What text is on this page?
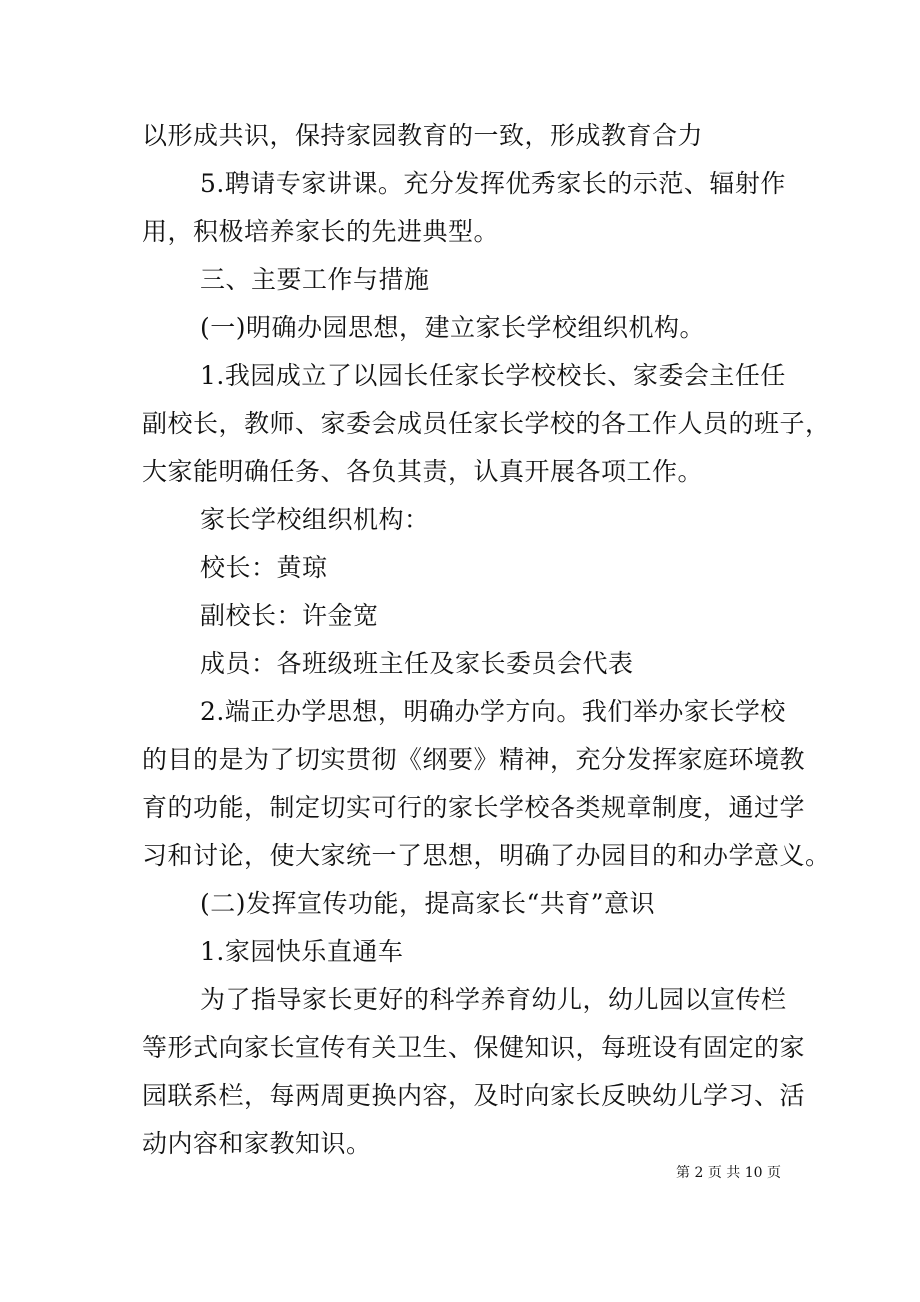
以形成共识，保持家园教育的一致，形成教育合力
5.聘请专家讲课。充分发挥优秀家长的示范、辐射作
用，积极培养家长的先进典型。
三、主要工作与措施
(一)明确办园思想，建立家长学校组织机构。
1.我园成立了以园长任家长学校校长、家委会主任任
副校长，教师、家委会成员任家长学校的各工作人员的班子，
大家能明确任务、各负其责，认真开展各项工作。
家长学校组织机构：
校长：黄琼
副校长：许金宽
成员：各班级班主任及家长委员会代表
2.端正办学思想，明确办学方向。我们举办家长学校
的目的是为了切实贯彻《纲要》精神，充分发挥家庭环境教
育的功能，制定切实可行的家长学校各类规章制度，通过学
习和讨论，使大家统一了思想，明确了办园目的和办学意义。
(二)发挥宣传功能，提高家长“共育”意识
1.家园快乐直通车
为了指导家长更好的科学养育幼儿，幼儿园以宣传栏
等形式向家长宣传有关卫生、保健知识，每班设有固定的家
园联系栏，每两周更换内容，及时向家长反映幼儿学习、活
动内容和家教知识。
第 2 页 共 10 页
